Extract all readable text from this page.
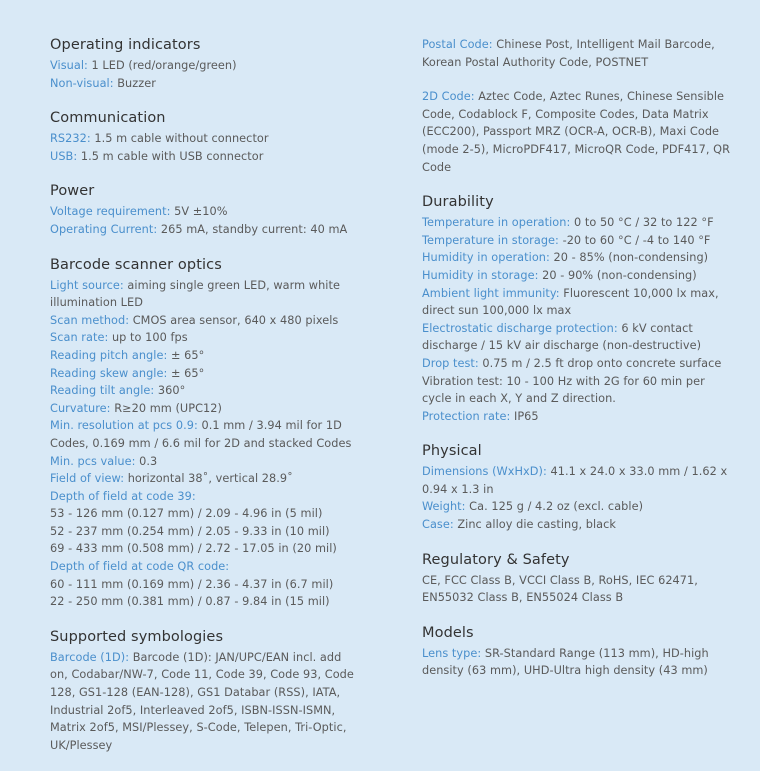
Operating indicators
Visual: 1 LED (red/orange/green)
Non-visual: Buzzer
Communication
RS232: 1.5 m cable without connector
USB: 1.5 m cable with USB connector
Power
Voltage requirement: 5V ±10%
Operating Current: 265 mA, standby current: 40 mA
Barcode scanner optics
Light source: aiming single green LED, warm white illumination LED
Scan method: CMOS area sensor, 640 x 480 pixels
Scan rate: up to 100 fps
Reading pitch angle: ± 65°
Reading skew angle: ± 65°
Reading tilt angle: 360°
Curvature: R≥20 mm (UPC12)
Min. resolution at pcs 0.9: 0.1 mm / 3.94 mil for 1D Codes, 0.169 mm / 6.6 mil for 2D and stacked Codes
Min. pcs value: 0.3
Field of view: horizontal 38˚, vertical 28.9˚
Depth of field at code 39:
53 - 126 mm (0.127 mm) / 2.09 - 4.96 in (5 mil)
52 - 237 mm (0.254 mm) / 2.05 - 9.33 in (10 mil)
69 - 433 mm (0.508 mm) / 2.72 - 17.05 in (20 mil)
Depth of field at code QR code:
60 - 111 mm (0.169 mm) / 2.36 - 4.37 in (6.7 mil)
22 - 250 mm (0.381 mm) / 0.87 - 9.84 in (15 mil)
Supported symbologies
Barcode (1D): Barcode (1D): JAN/UPC/EAN incl. add on, Codabar/NW-7, Code 11, Code 39, Code 93, Code 128, GS1-128 (EAN-128), GS1 Databar (RSS), IATA, Industrial 2of5, Interleaved 2of5, ISBN-ISSN-ISMN, Matrix 2of5, MSI/Plessey, S-Code, Telepen, Tri-Optic, UK/Plessey
Postal Code: Chinese Post, Intelligent Mail Barcode, Korean Postal Authority Code, POSTNET
2D Code: Aztec Code, Aztec Runes, Chinese Sensible Code, Codablock F, Composite Codes, Data Matrix (ECC200), Passport MRZ (OCR-A, OCR-B), Maxi Code (mode 2-5), MicroPDF417, MicroQR Code, PDF417, QR Code
Durability
Temperature in operation: 0 to 50 °C / 32 to 122 °F
Temperature in storage: -20 to 60 °C / -4 to 140 °F
Humidity in operation: 20 - 85% (non-condensing)
Humidity in storage: 20 - 90% (non-condensing)
Ambient light immunity: Fluorescent 10,000 lx max, direct sun 100,000 lx max
Electrostatic discharge protection: 6 kV contact discharge / 15 kV air discharge (non-destructive)
Drop test: 0.75 m / 2.5 ft drop onto concrete surface
Vibration test: 10 - 100 Hz with 2G for 60 min per cycle in each X, Y and Z direction.
Protection rate: IP65
Physical
Dimensions (WxHxD): 41.1 x 24.0 x 33.0 mm / 1.62 x 0.94 x 1.3 in
Weight: Ca. 125 g / 4.2 oz (excl. cable)
Case: Zinc alloy die casting, black
Regulatory & Safety
CE, FCC Class B, VCCI Class B, RoHS, IEC 62471, EN55032 Class B, EN55024 Class B
Models
Lens type: SR-Standard Range (113 mm), HD-high density (63 mm), UHD-Ultra high density (43 mm)
